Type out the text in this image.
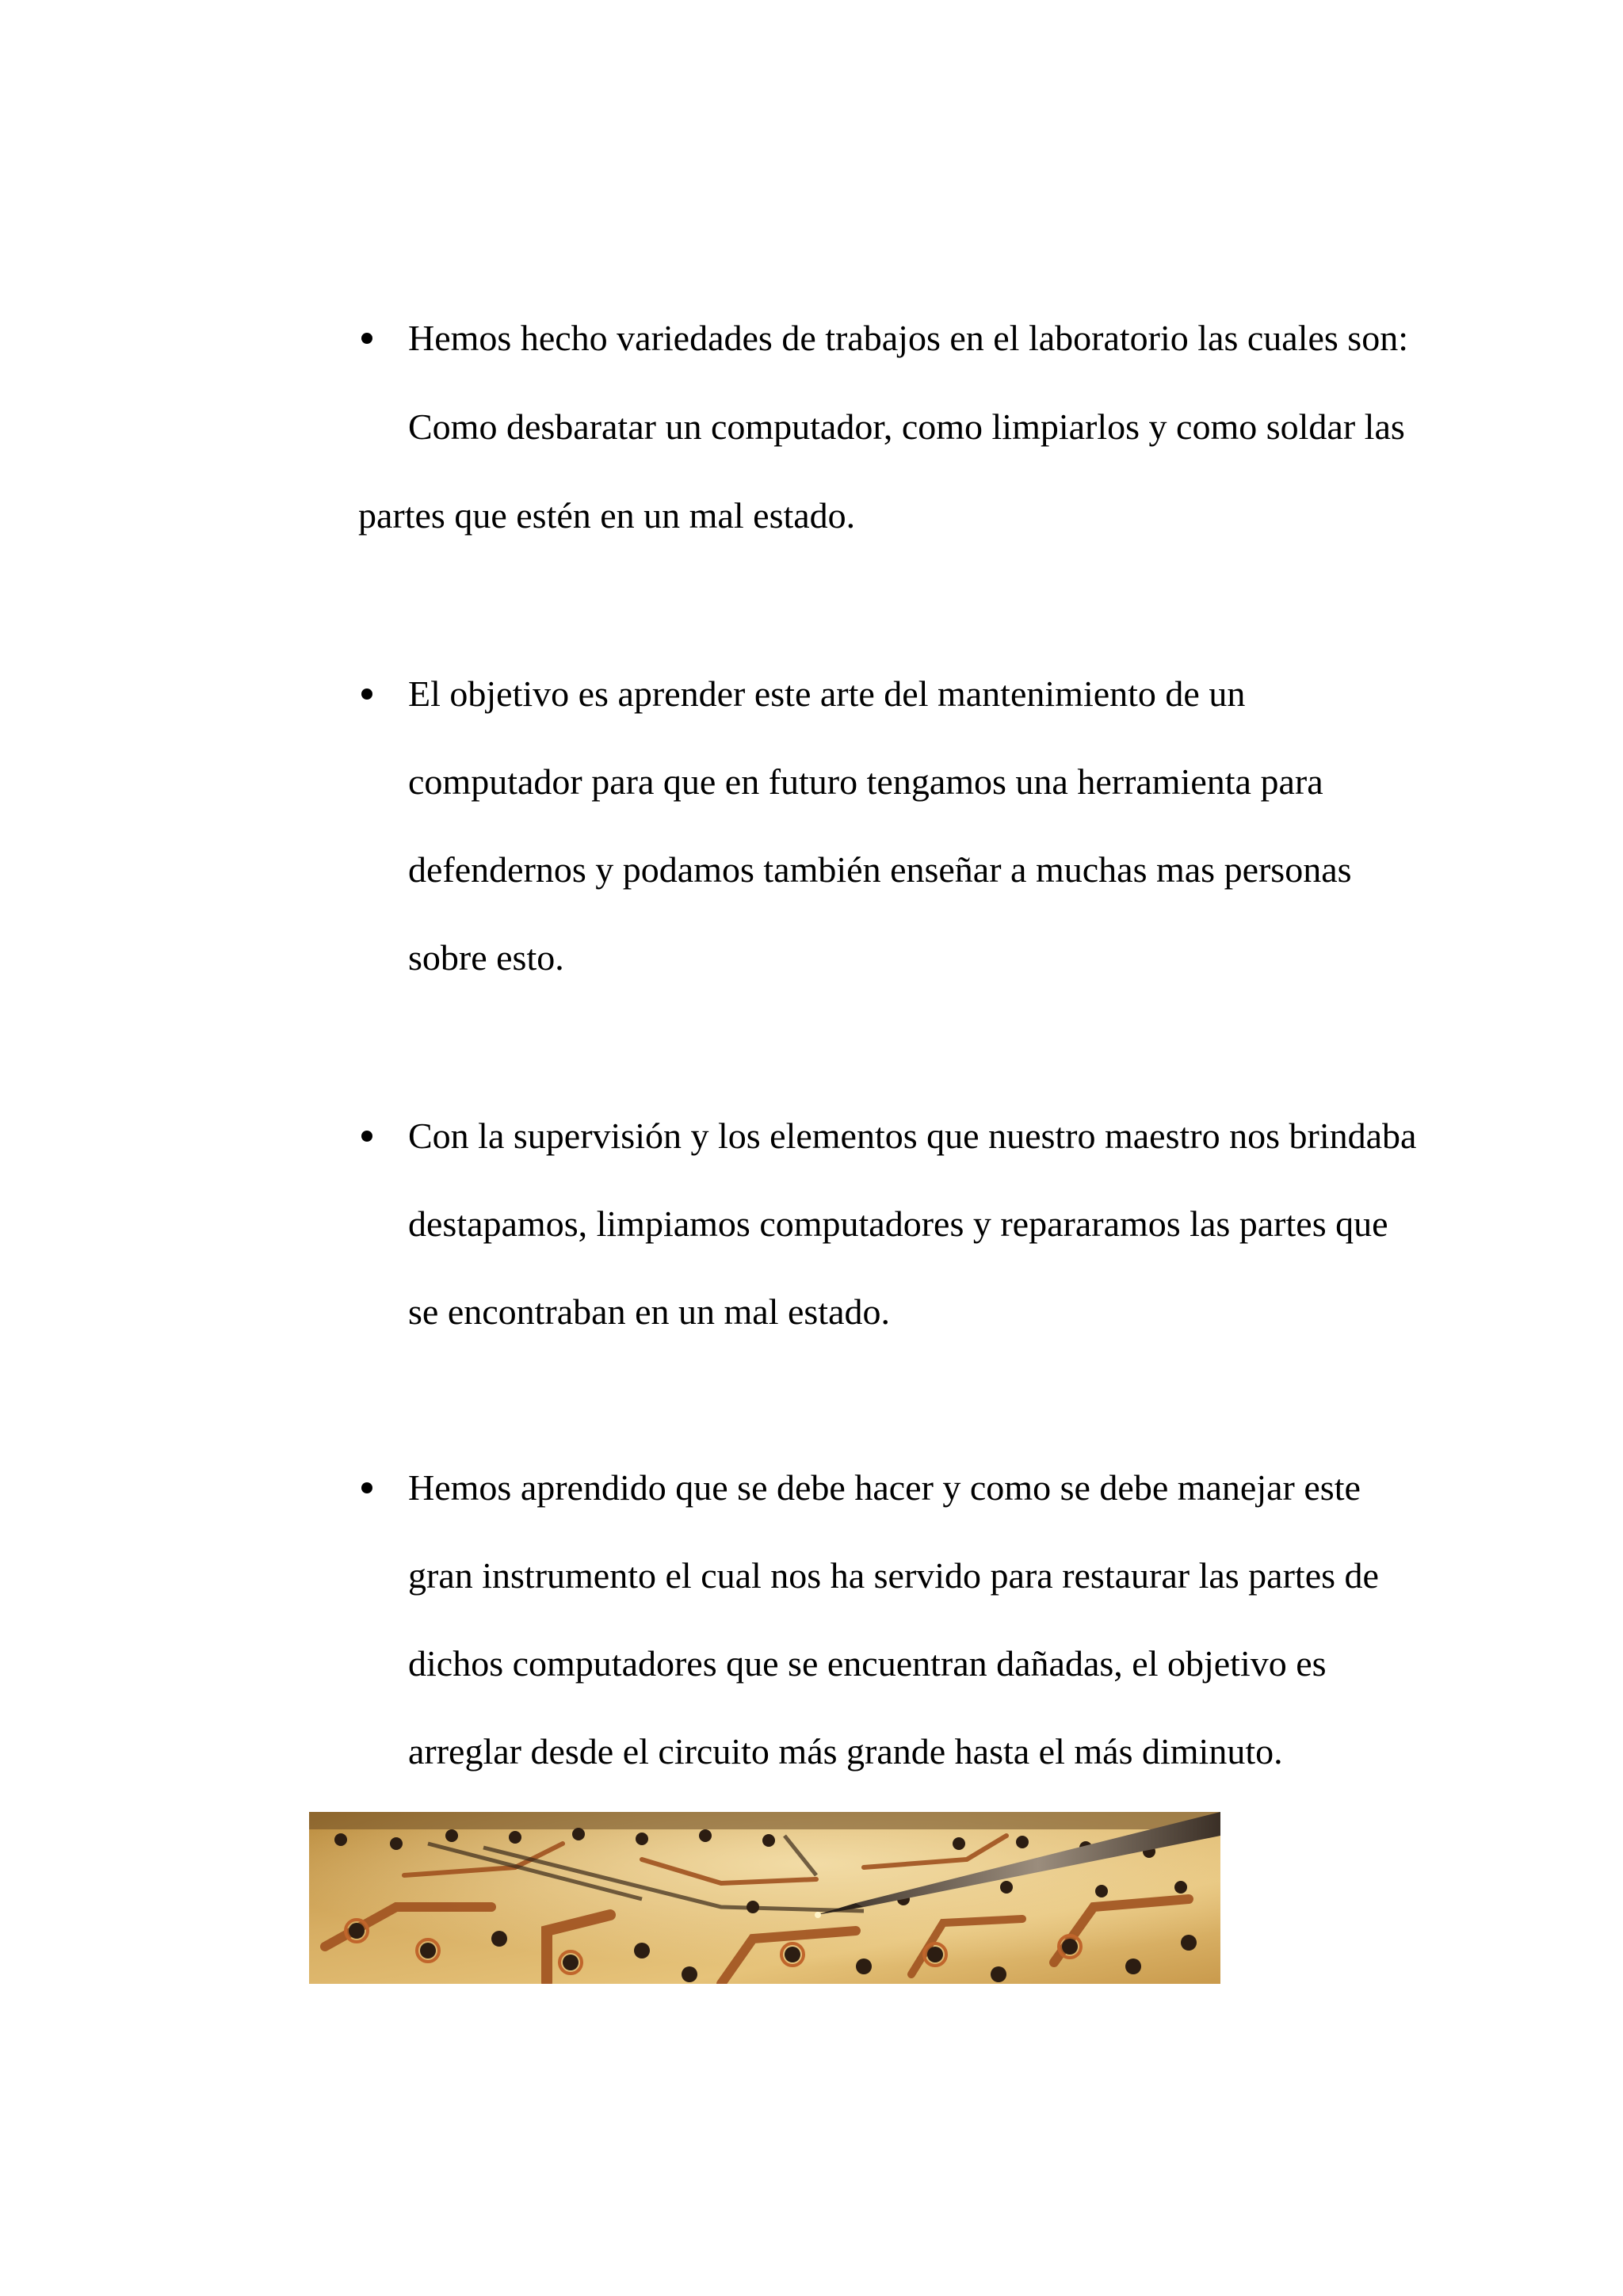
Hemos hecho variedades de trabajos en el laboratorio las cuales son:

Como desbaratar un computador, como limpiarlos y como soldar las

partes que estén en un mal estado.

El objetivo es aprender este arte del mantenimiento de un

computador para que en futuro tengamos una herramienta para

defendernos y podamos también enseñar a muchas mas personas

sobre esto.

Con la supervisión y los elementos que nuestro maestro nos brindaba

destapamos, limpiamos computadores y repararamos las partes que

se encontraban en un mal estado.

Hemos aprendido que se debe hacer y como se debe manejar este

gran instrumento el cual nos ha servido para restaurar las partes de

dichos computadores que se encuentran dañadas, el objetivo es

arreglar desde el circuito más grande hasta el más diminuto.
